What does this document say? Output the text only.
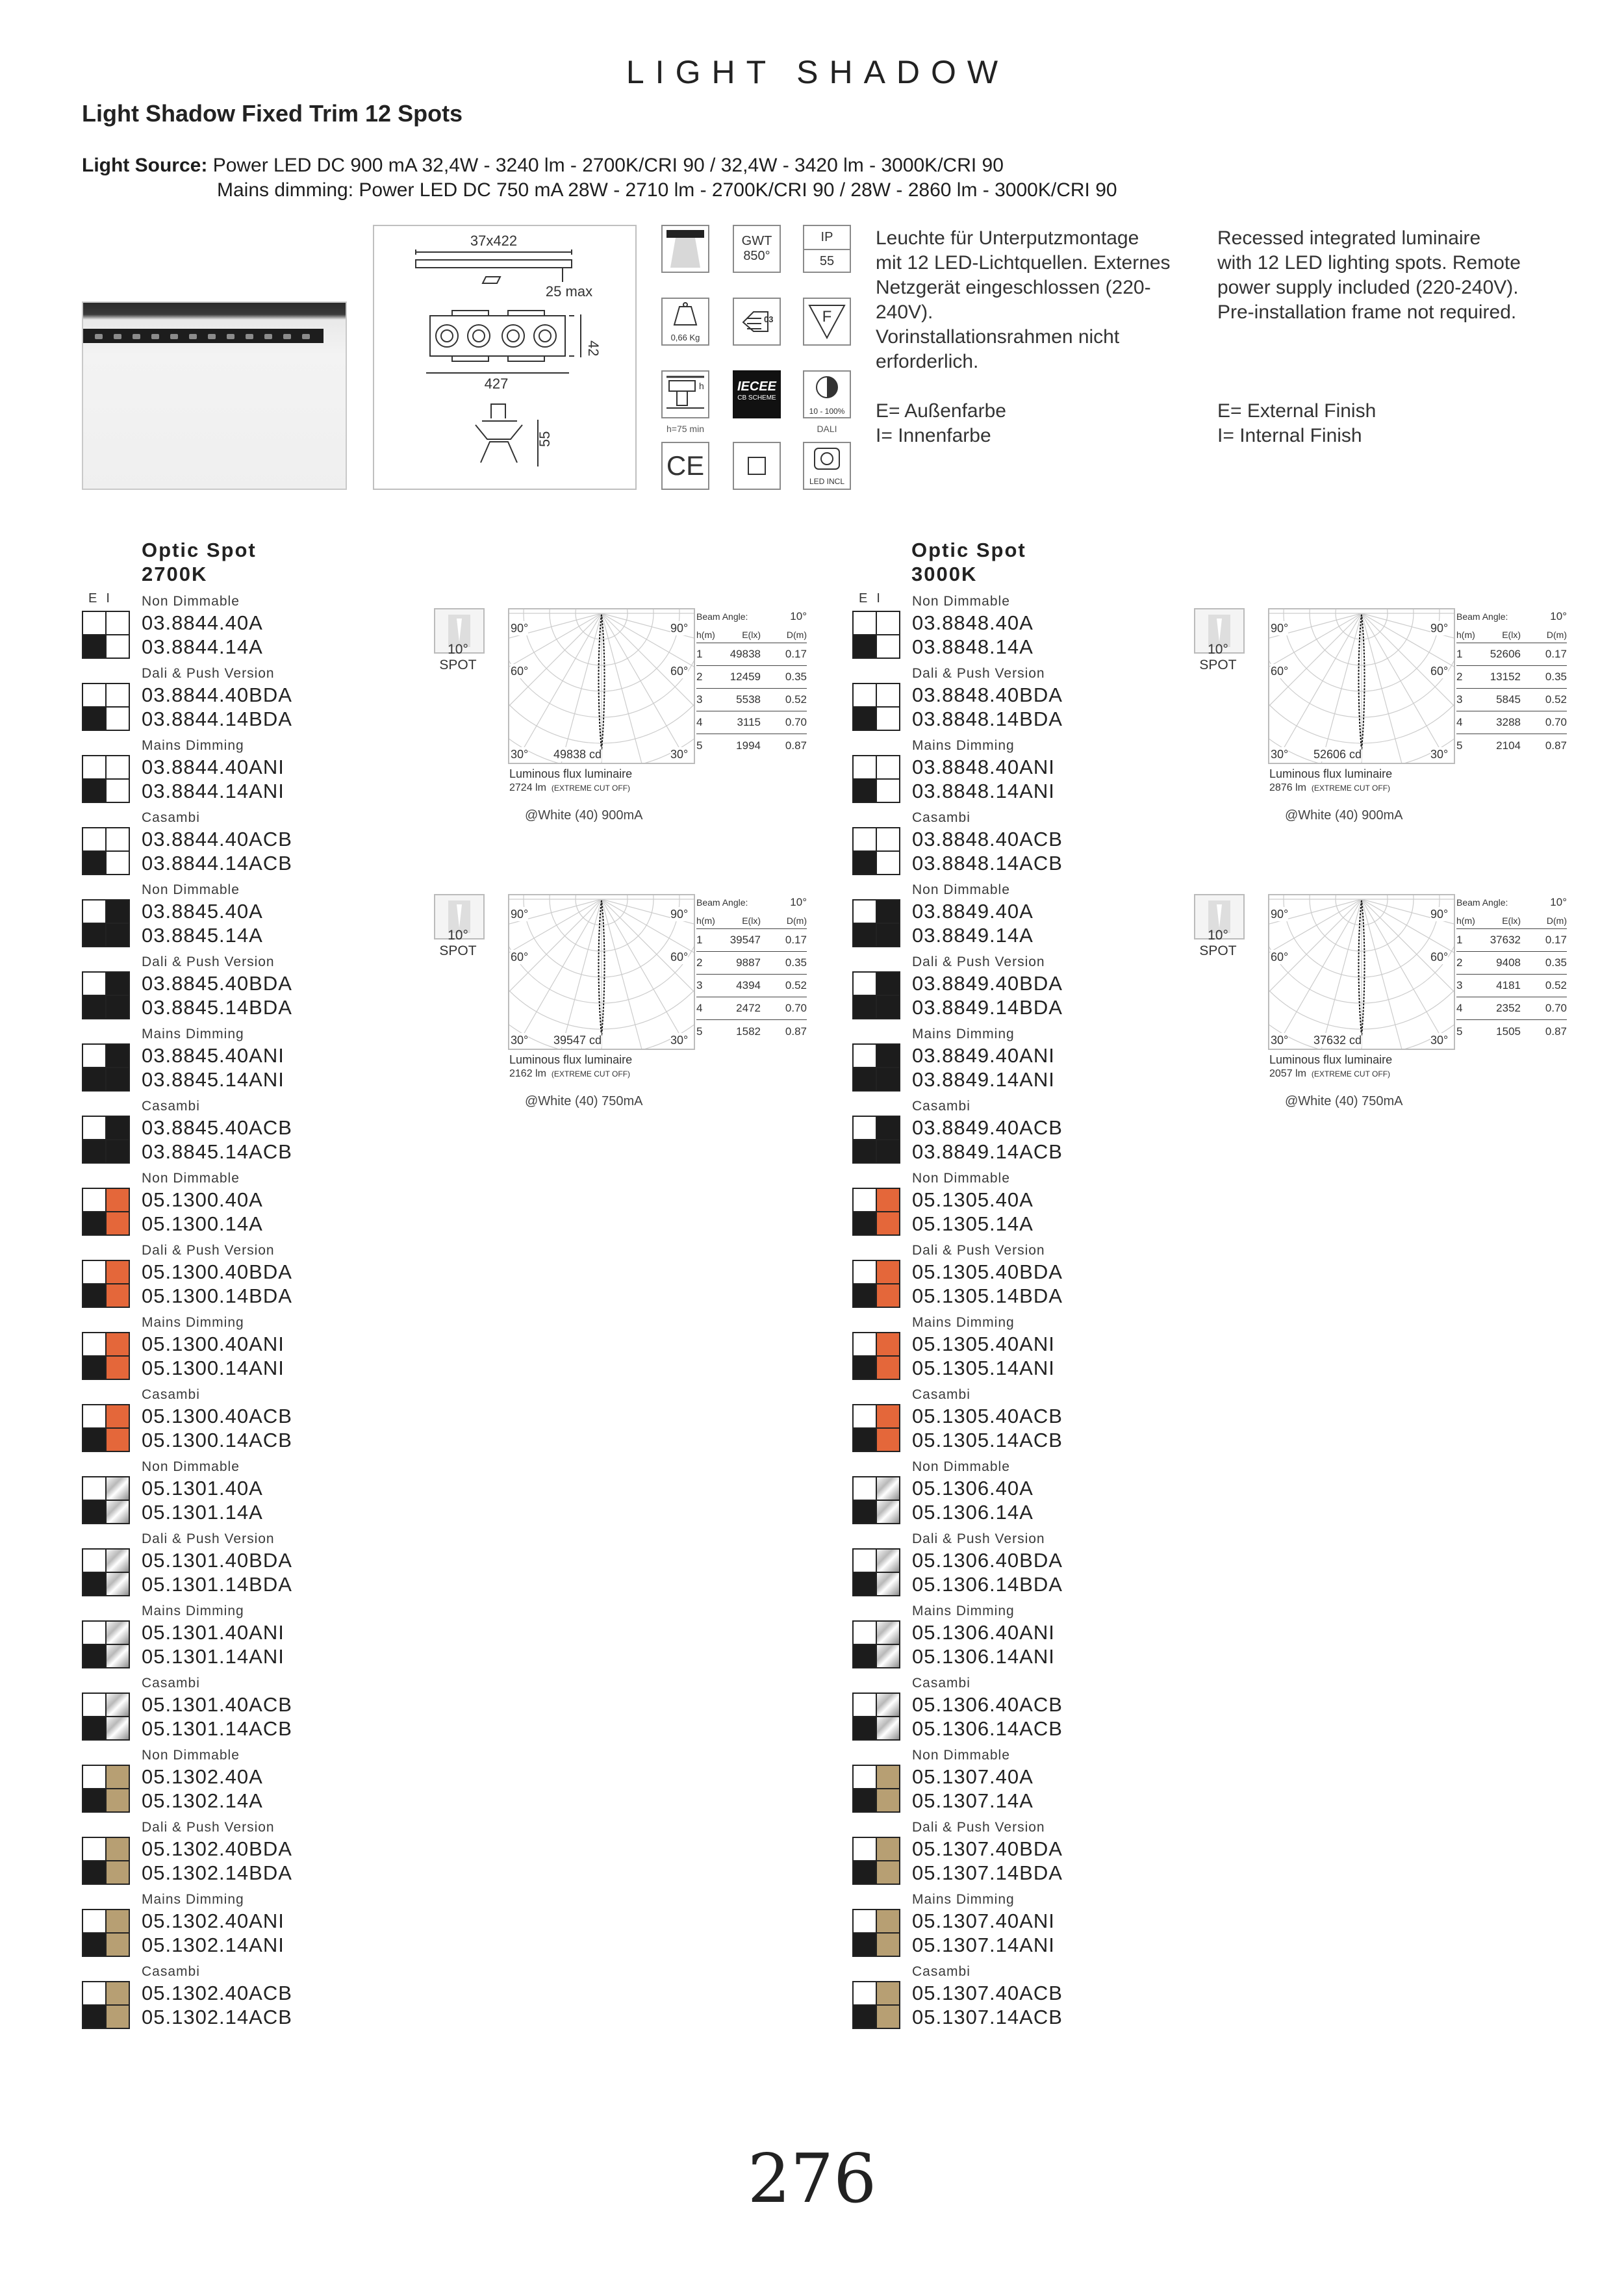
LIGHT SHADOW
Light Shadow Fixed Trim 12 Spots
Light Source: Power LED DC 900 mA 32,4W - 3240 lm - 2700K/CRI 90 / 32,4W - 3420 lm - 3000K/CRI 90
Mains dimming: Power LED DC 750 mA 28W - 2710 lm - 2700K/CRI 90 / 28W - 2860 lm - 3000K/CRI 90
37x422
25 max
427
42
55
GWT
850°
IP
55
0,66 Kg
03	F
h	IECEE
CB SCHEME
10 - 100%
h=75 min	DALI
CE
LED INCL
Leuchte für Unterputzmontage
mit 12 LED-Lichtquellen. Externes
Netzgerät eingeschlossen (220-
240V).
Vorinstallationsrahmen nicht
erforderlich.
E= Außenfarbe
I= Innenfarbe
Recessed integrated luminaire
with 12 LED lighting spots. Remote
power supply included (220-240V).
Pre-installation frame not required.
E= External Finish
I= Internal Finish
Optic Spot
2700K
EI
Optic Spot
3000K
EI
Non Dimmable
03.8844.40A
03.8844.14A
Dali & Push Version
03.8844.40BDA
03.8844.14BDA
Mains Dimming
03.8844.40ANI
03.8844.14ANI
Casambi
03.8844.40ACB
03.8844.14ACB
Non Dimmable
03.8845.40A
03.8845.14A
Dali & Push Version
03.8845.40BDA
03.8845.14BDA
Mains Dimming
03.8845.40ANI
03.8845.14ANI
Casambi
03.8845.40ACB
03.8845.14ACB
Non Dimmable
05.1300.40A
05.1300.14A
Dali & Push Version
05.1300.40BDA
05.1300.14BDA
Mains Dimming
05.1300.40ANI
05.1300.14ANI
Casambi
05.1300.40ACB
05.1300.14ACB
Non Dimmable
05.1301.40A
05.1301.14A
Dali & Push Version
05.1301.40BDA
05.1301.14BDA
Mains Dimming
05.1301.40ANI
05.1301.14ANI
Casambi
05.1301.40ACB
05.1301.14ACB
Non Dimmable
05.1302.40A
05.1302.14A
Dali & Push Version
05.1302.40BDA
05.1302.14BDA
Mains Dimming
05.1302.40ANI
05.1302.14ANI
Casambi
05.1302.40ACB
05.1302.14ACB
Non Dimmable
03.8848.40A
03.8848.14A
Dali & Push Version
03.8848.40BDA
03.8848.14BDA
Mains Dimming
03.8848.40ANI
03.8848.14ANI
Casambi
03.8848.40ACB
03.8848.14ACB
Non Dimmable
03.8849.40A
03.8849.14A
Dali & Push Version
03.8849.40BDA
03.8849.14BDA
Mains Dimming
03.8849.40ANI
03.8849.14ANI
Casambi
03.8849.40ACB
03.8849.14ACB
Non Dimmable
05.1305.40A
05.1305.14A
Dali & Push Version
05.1305.40BDA
05.1305.14BDA
Mains Dimming
05.1305.40ANI
05.1305.14ANI
Casambi
05.1305.40ACB
05.1305.14ACB
Non Dimmable
05.1306.40A
05.1306.14A
Dali & Push Version
05.1306.40BDA
05.1306.14BDA
Mains Dimming
05.1306.40ANI
05.1306.14ANI
Casambi
05.1306.40ACB
05.1306.14ACB
Non Dimmable
05.1307.40A
05.1307.14A
Dali & Push Version
05.1307.40BDA
05.1307.14BDA
Mains Dimming
05.1307.40ANI
05.1307.14ANI
Casambi
05.1307.40ACB
05.1307.14ACB
10°
SPOT
90°	90°
60°	60°
30°	30°
49838 cd
Luminous flux luminaire
2724 lm (EXTREME CUT OFF)
@White (40) 900mA
Beam Angle:	10°
h(m)	E(lx)	D(m)
1	49838	0.17
2	12459	0.35
3	5538	0.52
4	3115	0.70
5	1994	0.87
10°
SPOT
90°	90°
60°	60°
30°	30°
52606 cd
Luminous flux luminaire
2876 lm (EXTREME CUT OFF)
@White (40) 900mA
Beam Angle:	10°
h(m)	E(lx)	D(m)
1	52606	0.17
2	13152	0.35
3	5845	0.52
4	3288	0.70
5	2104	0.87
10°
SPOT
90°	90°
60°	60°
30°	30°
39547 cd
Luminous flux luminaire
2162 lm (EXTREME CUT OFF)
@White (40) 750mA
Beam Angle:	10°
h(m)	E(lx)	D(m)
1	39547	0.17
2	9887	0.35
3	4394	0.52
4	2472	0.70
5	1582	0.87
10°
SPOT
90°	90°
60°	60°
30°	30°
37632 cd
Luminous flux luminaire
2057 lm (EXTREME CUT OFF)
@White (40) 750mA
Beam Angle:	10°
h(m)	E(lx)	D(m)
1	37632	0.17
2	9408	0.35
3	4181	0.52
4	2352	0.70
5	1505	0.87
276
